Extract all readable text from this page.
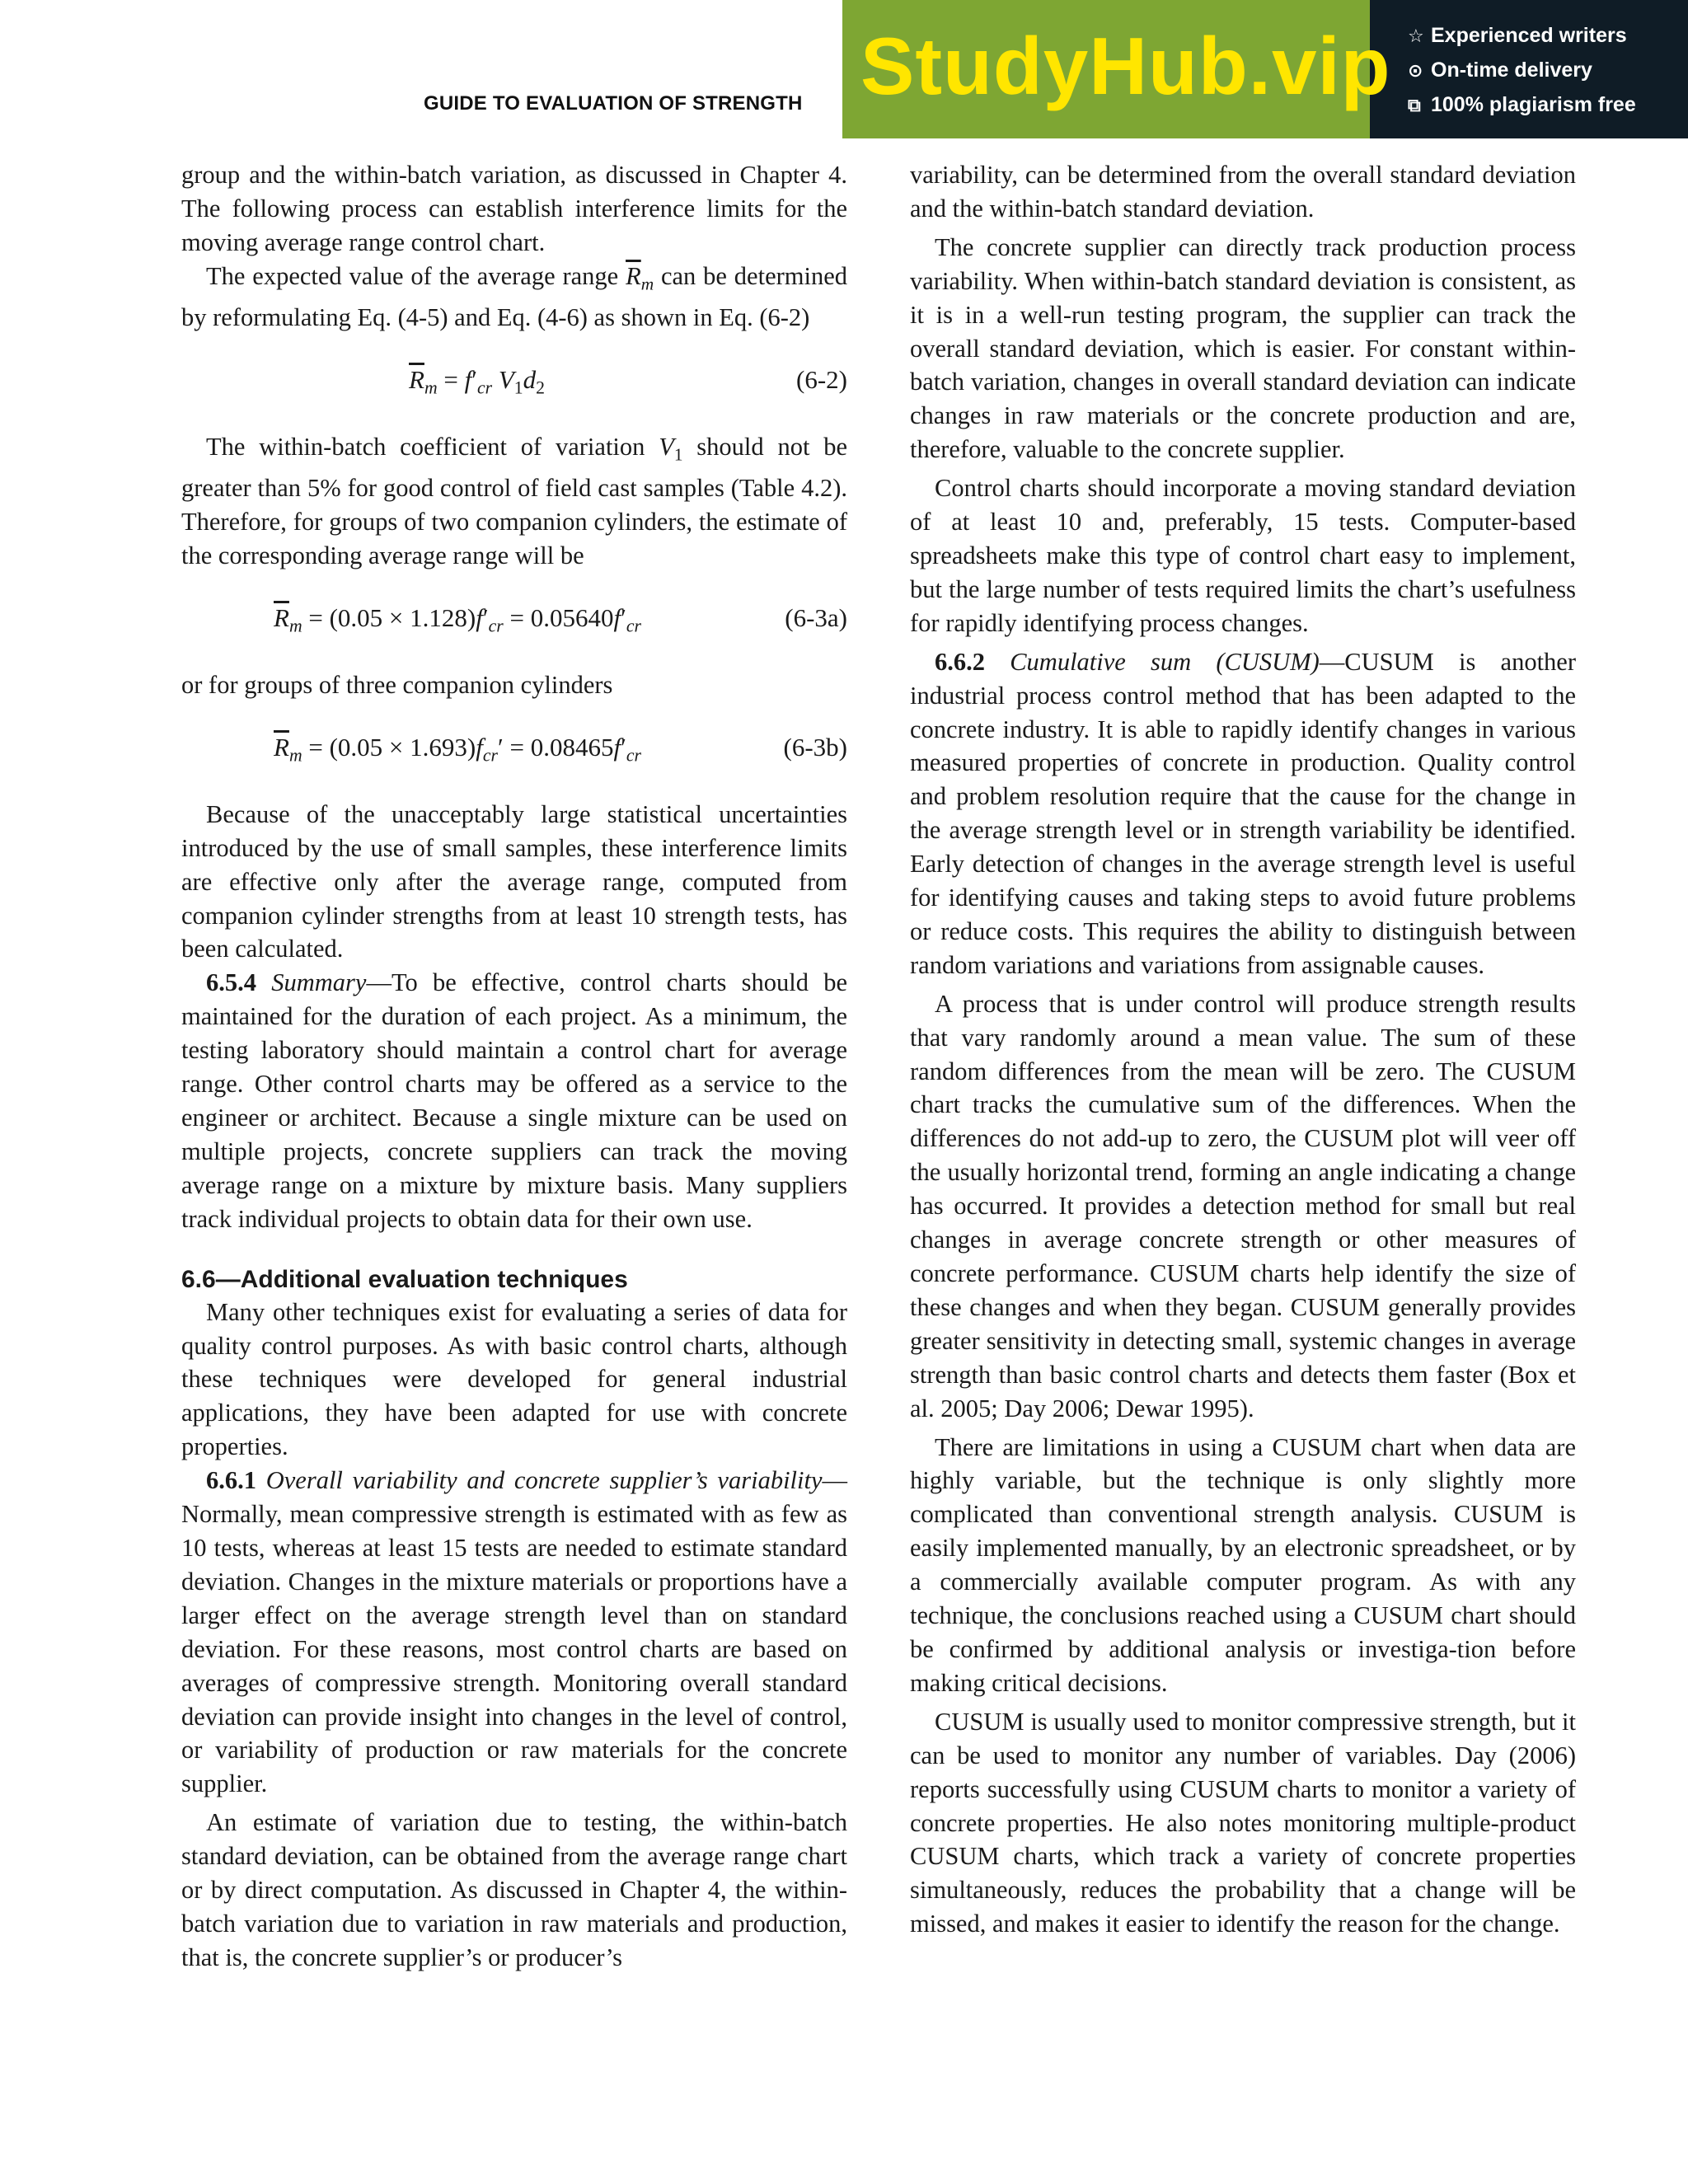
GUIDE TO EVALUATION OF STRENGTH StudyHub.vip ☆ Experienced writers
⊙ On-time delivery
⧉ 100% plagiarism free

group and the within-batch variation, as discussed in Chapter 4. The following process can establish interference limits for the moving average range control chart.

The expected value of the average range $\overline{R}_m$ can be determined by reformulating Eq. (4-5) and Eq. (4-6) as shown in Eq. (6-2)

$\overline{R}_m = f'_{cr}$ $V_1d_2$	(6-2)

The within-batch coefficient of variation $V_1$ should not be greater than 5% for good control of field cast samples (Table 4.2). Therefore, for groups of two companion cylinders, the estimate of the corresponding average range will be

$\overline{R}_m = (0.05 \times 1.128)f'_{cr} = 0.05640f'_{cr}$	(6-3a)

or for groups of three companion cylinders

$\overline{R}_m = (0.05 \times 1.693)f_{cr}' = 0.08465f'_{cr}$	(6-3b)

Because of the unacceptably large statistical uncertainties introduced by the use of small samples, these interference limits are effective only after the average range, computed from companion cylinder strengths from at least 10 strength tests, has been calculated.

6.5.4 Summary—To be effective, control charts should be maintained for the duration of each project. As a minimum, the testing laboratory should maintain a control chart for average range. Other control charts may be offered as a service to the engineer or architect. Because a single mixture can be used on multiple projects, concrete suppliers can track the moving average range on a mixture by mixture basis. Many suppliers track individual projects to obtain data for their own use.

6.6—Additional evaluation techniques

Many other techniques exist for evaluating a series of data for quality control purposes. As with basic control charts, although these techniques were developed for general industrial applications, they have been adapted for use with concrete properties.

6.6.1 Overall variability and concrete supplier’s variability—Normally, mean compressive strength is estimated with as few as 10 tests, whereas at least 15 tests are needed to estimate standard deviation. Changes in the mixture materials or proportions have a larger effect on the average strength level than on standard deviation. For these reasons, most control charts are based on averages of compressive strength. Monitoring overall standard deviation can provide insight into changes in the level of control, or variability of production or raw materials for the concrete supplier.

An estimate of variation due to testing, the within-batch standard deviation, can be obtained from the average range chart or by direct computation. As discussed in Chapter 4, the within-batch variation due to variation in raw materials and production, that is, the concrete supplier’s or producer’s

variability, can be determined from the overall standard deviation and the within-batch standard deviation.

The concrete supplier can directly track production process variability. When within-batch standard deviation is consistent, as it is in a well-run testing program, the supplier can track the overall standard deviation, which is easier. For constant within-batch variation, changes in overall standard deviation can indicate changes in raw materials or the concrete production and are, therefore, valuable to the concrete supplier.

Control charts should incorporate a moving standard deviation of at least 10 and, preferably, 15 tests. Computer-based spreadsheets make this type of control chart easy to implement, but the large number of tests required limits the chart’s usefulness for rapidly identifying process changes.

6.6.2 Cumulative sum (CUSUM)—CUSUM is another industrial process control method that has been adapted to the concrete industry. It is able to rapidly identify changes in various measured properties of concrete in production. Quality control and problem resolution require that the cause for the change in the average strength level or in strength variability be identified. Early detection of changes in the average strength level is useful for identifying causes and taking steps to avoid future problems or reduce costs. This requires the ability to distinguish between random variations and variations from assignable causes.

A process that is under control will produce strength results that vary randomly around a mean value. The sum of these random differences from the mean will be zero. The CUSUM chart tracks the cumulative sum of the differences. When the differences do not add-up to zero, the CUSUM plot will veer off the usually horizontal trend, forming an angle indicating a change has occurred. It provides a detection method for small but real changes in average concrete strength or other measures of concrete performance. CUSUM charts help identify the size of these changes and when they began. CUSUM generally provides greater sensitivity in detecting small, systemic changes in average strength than basic control charts and detects them faster (Box et al. 2005; Day 2006; Dewar 1995).

There are limitations in using a CUSUM chart when data are highly variable, but the technique is only slightly more complicated than conventional strength analysis. CUSUM is easily implemented manually, by an electronic spreadsheet, or by a commercially available computer program. As with any technique, the conclusions reached using a CUSUM chart should be confirmed by additional analysis or investiga-tion before making critical decisions.

CUSUM is usually used to monitor compressive strength, but it can be used to monitor any number of variables. Day (2006) reports successfully using CUSUM charts to monitor a variety of concrete properties. He also notes monitoring multiple-product CUSUM charts, which track a variety of concrete properties simultaneously, reduces the probability that a change will be missed, and makes it easier to identify the reason for the change.
